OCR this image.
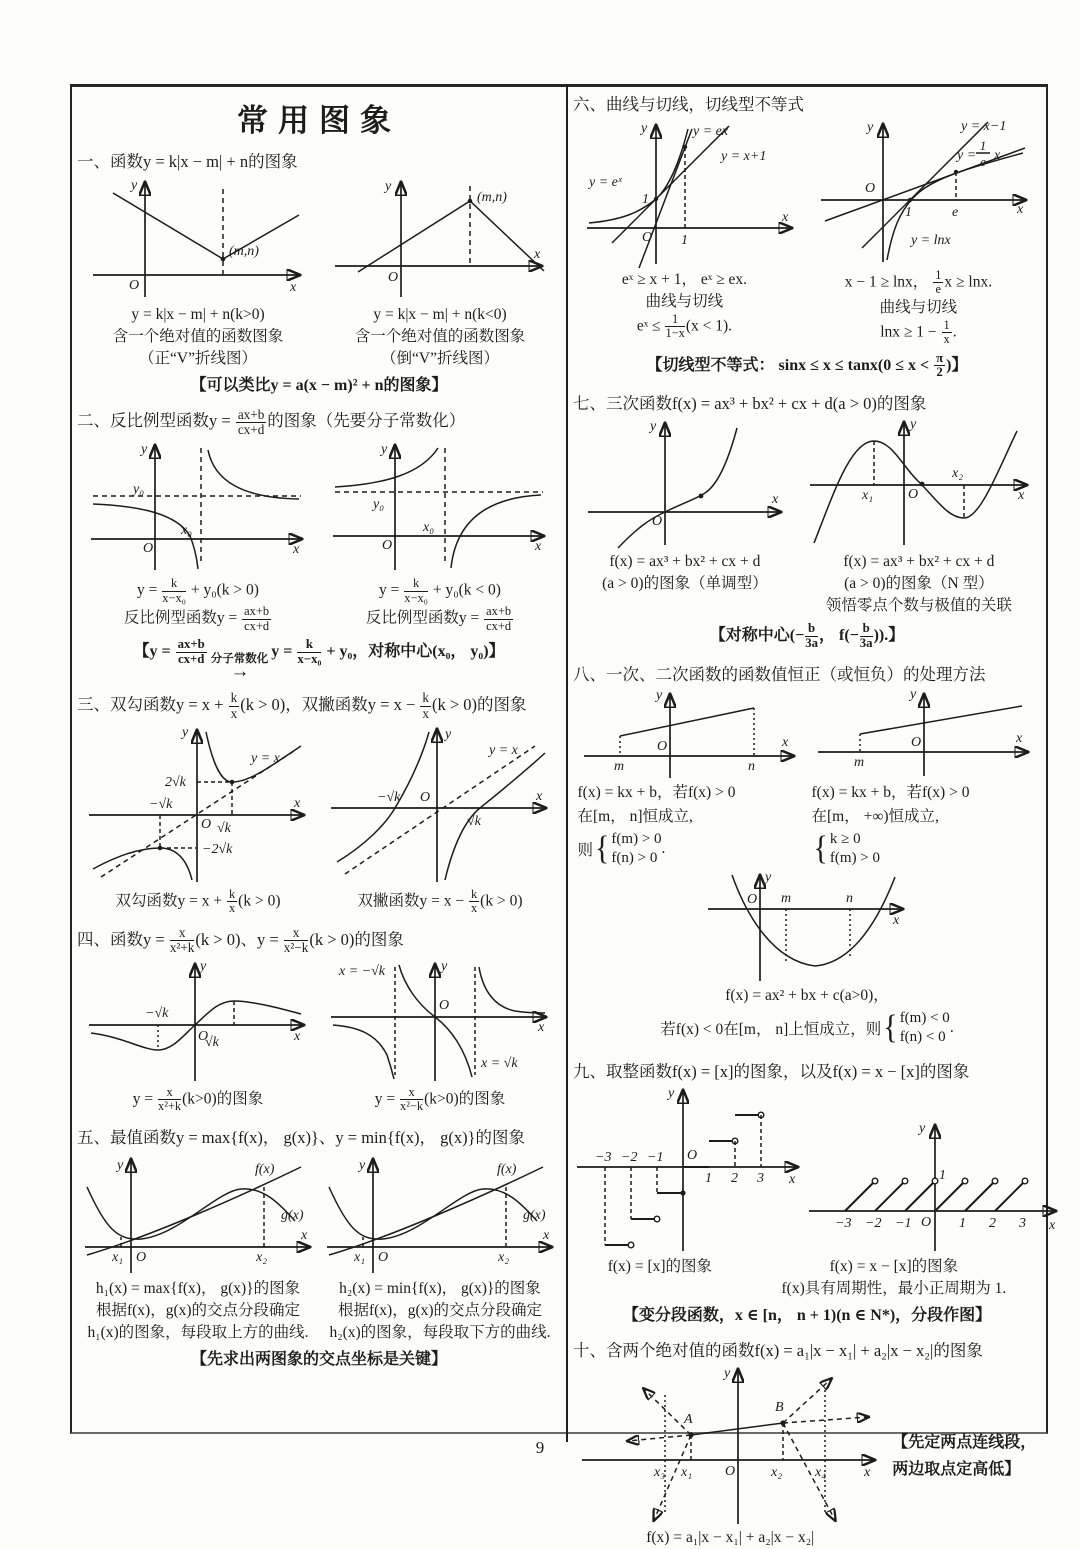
常用图象
一、函数y = k|x − m| + n的图象
y
(m,n)
O	x
y
(m,n)
O
x
y = k|x − m| + n(k>0)
含一个绝对值的函数图象
（正“V”折线图）
y = k|x − m| + n(k<0)
含一个绝对值的函数图象
（倒“V”折线图）
【可以类比y = a(x − m)² + n的图象】
二、反比例型函数$y = \frac{ax+b}{cx+d}$ 的图象（先要分子常数化）
y
y₀
x₀
O	x
y
y₀
x₀
O	x
$y = \frac{k}{\text{x−x₀}} + y_0(k > 0)$
反比例型函数$y = \frac{ax+b}{cx+d}$
$y = \frac{k}{\text{x−x₀}} + y_0(k < 0)$
反比例型函数$y = \frac{ax+b}{cx+d}$
【$y = \frac{ax+b}{cx+d}$ 分子常数化
→
$y = \frac{k}{\text{x−x₀}} + y_0$，对称中心(x₀， y₀)】
三、双勾函数$y = x + \frac{k}{x} (k > 0)$，双撇函数$y = x - \frac{k}{x} (k > 0)$的图象
y
2√k
−√k
O √k
−2√k
y = x
x
y
y = x
−√k O
√k
x
双勾函数$y = x + \frac{k}{x} (k > 0)$	双撇函数$y = x - \frac{k}{x} (k > 0)$
四、函数$y = \frac{x}{\text{x²+k}} (k > 0)$、$y = \frac{x}{\text{x²−k}} (k > 0)$的图象
−√k
y
O
√k	x
x = −√k	y
O
x = √k
x
$y = \frac{x}{\text{x²+k}} (k>0)$的图象	$y = \frac{x}{\text{x²−k}} (k>0)$的图象
五、最值函数y = max{f(x)， g(x)}、y = min{f(x)， g(x)}的图象
y	f(x)
g(x)
x
x₁ O	x₂
y	f(x)
g(x)
x
x₁ O	x₂
h₁(x) = max{f(x)， g(x)}的图象
根据f(x)，g(x)的交点分段确定
h₁(x)的图象，每段取上方的曲线.
h₂(x) = min{f(x)， g(x)}的图象
根据f(x)，g(x)的交点分段确定
h₂(x)的图象，每段取下方的曲线.
【先求出两图象的交点坐标是关键】
六、曲线与切线，切线型不等式
y	y = ex
y = x+1
1
y = eˣ
O 1
x
y	y = x−1
y =
1
e x
O
1	e
y = lnx
x
eˣ ≥ x + 1， eˣ ≥ ex.
曲线与切线
eˣ ≤ $\frac{1}{1-x} (x < 1)$.
x − 1 ≥ lnx， $\frac{1}{e}$ x ≥ lnx.
曲线与切线
$\ln x \ge 1 - \frac{1}{x}$ .
【切线型不等式： $\sin x \le x \le \tan x(0 \le x < \frac{\pi}{2}$ )】
七、三次函数f(x) = ax³ + bx² + cx + d(a > 0)的图象
y
O
x
y
x₁ O
x₂
x
f(x) = ax³ + bx² + cx + d
(a > 0)的图象（单调型）
f(x) = ax³ + bx² + cx + d
(a > 0)的图象（N 型）
领悟零点个数与极值的关联
【对称中心(− $\frac{b}{3a}$ ， $f(- \frac{b}{3a}$ )).】
八、一次、二次函数的函数值恒正（或恒负）的处理方法
y
O
m	n
x
f(x) = kx + b，若f(x) > 0
在[m， n]恒成立,
则 { f(m) > 0
f(n) > 0
.
y
m
O	x
f(x) = kx + b，若f(x) > 0
在[m， +∞)恒成立,
{ k ≥ 0
f(m) > 0
y
O m	n
x
f(x) = ax² + bx + c(a>0)，
若f(x) < 0在[m， n]上恒成立，则 { f(m) < 0
f(n) < 0
.
九、取整函数f(x) = [x]的图象，以及f(x) = x − [x]的图象
−3 −2 −1 O
1 2 3 x
y
1
−3 −2 −1 O 1 2 3 x
y
f(x) = [x]的图象	f(x) = x − [x]的图象
f(x)具有周期性，最小正周期为 1.
【变分段函数，x ∈ [n， n + 1)(n ∈ N*)，分段作图】
十、含两个绝对值的函数f(x) = a₁|x − x₁| + a₂|x − x₂|的图象
y
A
B
x₃ x₁ O	x₂ x₄	x
f(x) = a₁|x − x₁| + a₂|x − x₂|
【先定两点连线段，
两边取点定高低】
9
